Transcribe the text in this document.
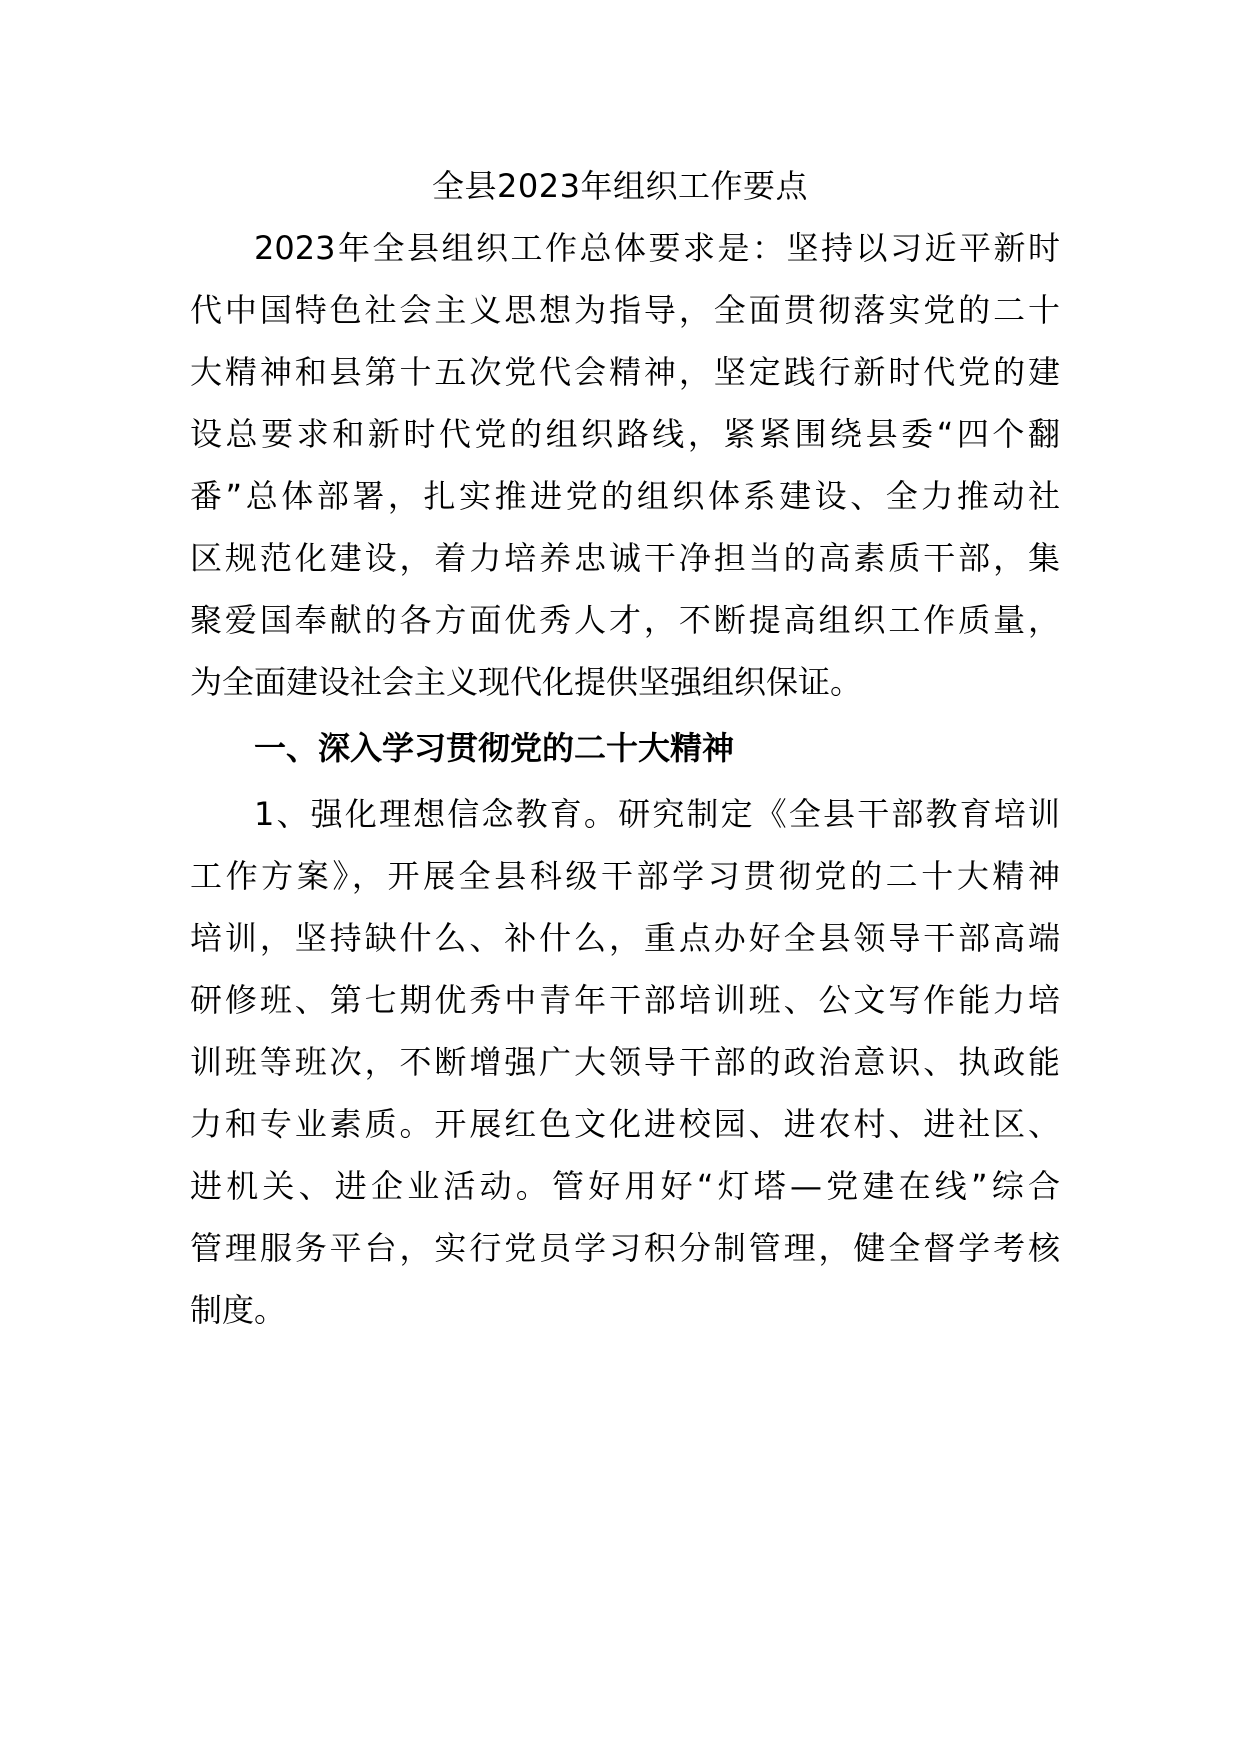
全县2023年组织工作要点

2023年全县组织工作总体要求是：坚持以习近平新时

代中国特色社会主义思想为指导，全面贯彻落实党的二十

大精神和县第十五次党代会精神，坚定践行新时代党的建

设总要求和新时代党的组织路线，紧紧围绕县委“四个翻

番”总体部署，扎实推进党的组织体系建设、全力推动社

区规范化建设，着力培养忠诚干净担当的高素质干部，集

聚爱国奉献的各方面优秀人才，不断提高组织工作质量，

为全面建设社会主义现代化提供坚强组织保证。

一、深入学习贯彻党的二十大精神

1、强化理想信念教育。研究制定《全县干部教育培训

工作方案》，开展全县科级干部学习贯彻党的二十大精神

培训，坚持缺什么、补什么，重点办好全县领导干部高端

研修班、第七期优秀中青年干部培训班、公文写作能力培

训班等班次，不断增强广大领导干部的政治意识、执政能

力和专业素质。开展红色文化进校园、进农村、进社区、

进机关、进企业活动。管好用好“灯塔—党建在线”综合

管理服务平台，实行党员学习积分制管理，健全督学考核

制度。
